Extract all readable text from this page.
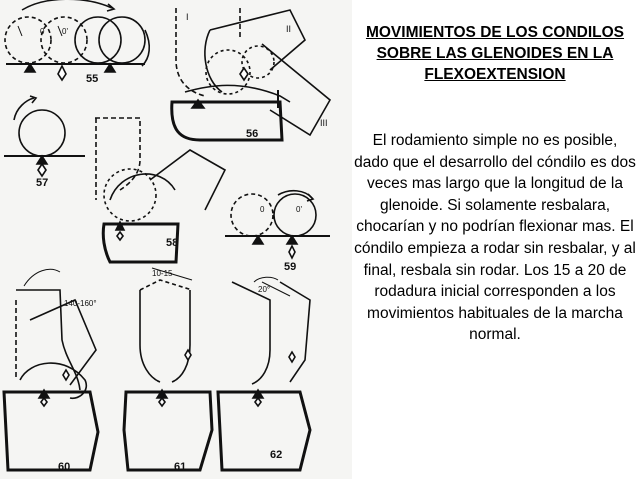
55
56
57
58
59
60	61
62
10-15
20°
140-160°
I
II
III
0 0'
0	0'
MOVIMIENTOS DE LOS CONDILOS SOBRE LAS GLENOIDES EN LA FLEXOEXTENSION
El rodamiento simple no es posible, dado que el desarrollo del cóndilo es dos veces mas largo que la longitud de la glenoide. Si solamente resbalara, chocarían y no podrían flexionar mas. El cóndilo empieza a rodar sin resbalar, y al final, resbala sin rodar. Los 15 a 20 de rodadura inicial corresponden a los movimientos habituales de la marcha normal.
